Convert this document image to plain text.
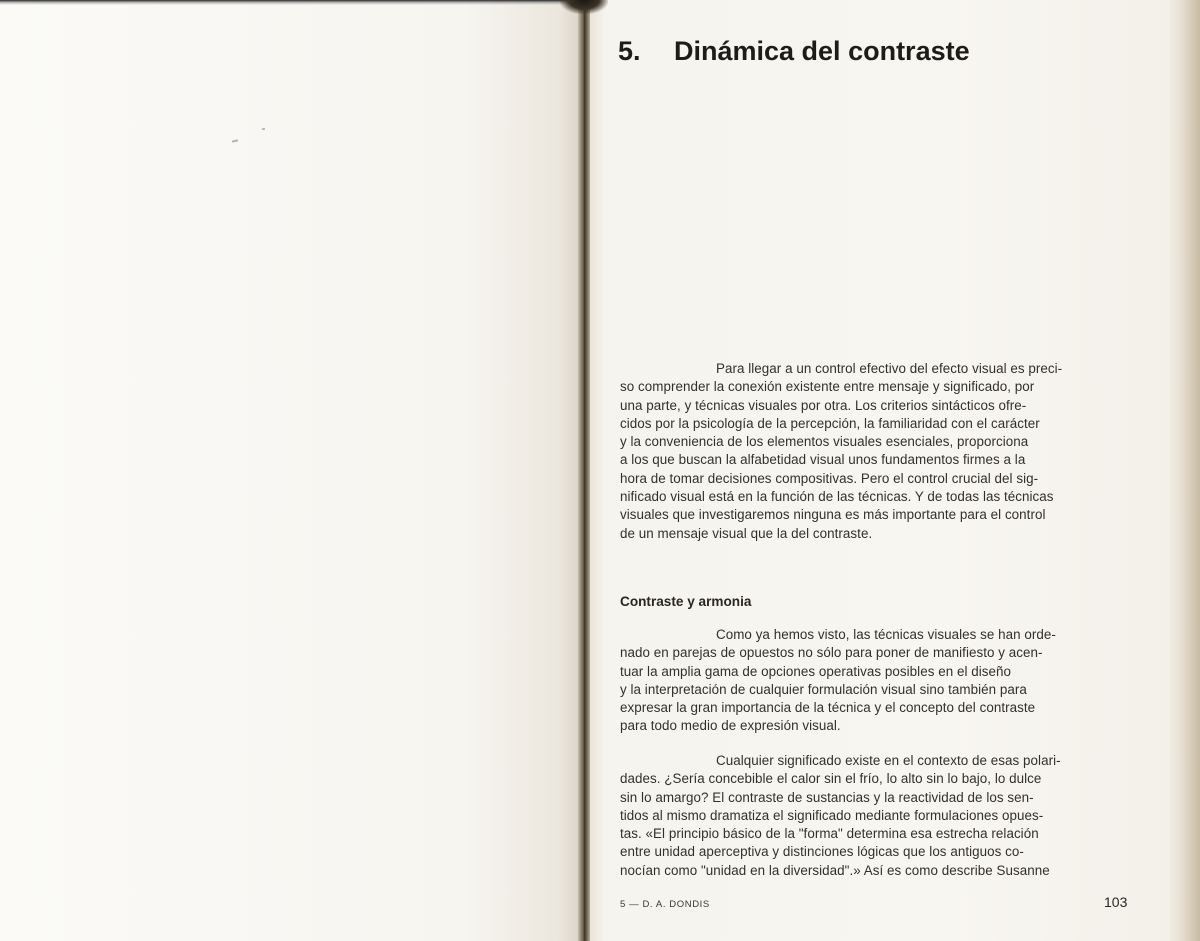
5. Dinámica del contraste
Para llegar a un control efectivo del efecto visual es preci-
so comprender la conexión existente entre mensaje y significado, por
una parte, y técnicas visuales por otra. Los criterios sintácticos ofre-
cidos por la psicología de la percepción, la familiaridad con el carácter
y la conveniencia de los elementos visuales esenciales, proporciona
a los que buscan la alfabetidad visual unos fundamentos firmes a la
hora de tomar decisiones compositivas. Pero el control crucial del sig-
nificado visual está en la función de las técnicas. Y de todas las técnicas
visuales que investigaremos ninguna es más importante para el control
de un mensaje visual que la del contraste.
Contraste y armonia
Como ya hemos visto, las técnicas visuales se han orde-
nado en parejas de opuestos no sólo para poner de manifiesto y acen-
tuar la amplia gama de opciones operativas posibles en el diseño
y la interpretación de cualquier formulación visual sino también para
expresar la gran importancia de la técnica y el concepto del contraste
para todo medio de expresión visual.
Cualquier significado existe en el contexto de esas polari-
dades. ¿Sería concebible el calor sin el frío, lo alto sin lo bajo, lo dulce
sin lo amargo? El contraste de sustancias y la reactividad de los sen-
tidos al mismo dramatiza el significado mediante formulaciones opues-
tas. «El principio básico de la "forma" determina esa estrecha relación
entre unidad aperceptiva y distinciones lógicas que los antiguos co-
nocían como "unidad en la diversidad".» Así es como describe Susanne
5 — D. A. DONDIS	103
